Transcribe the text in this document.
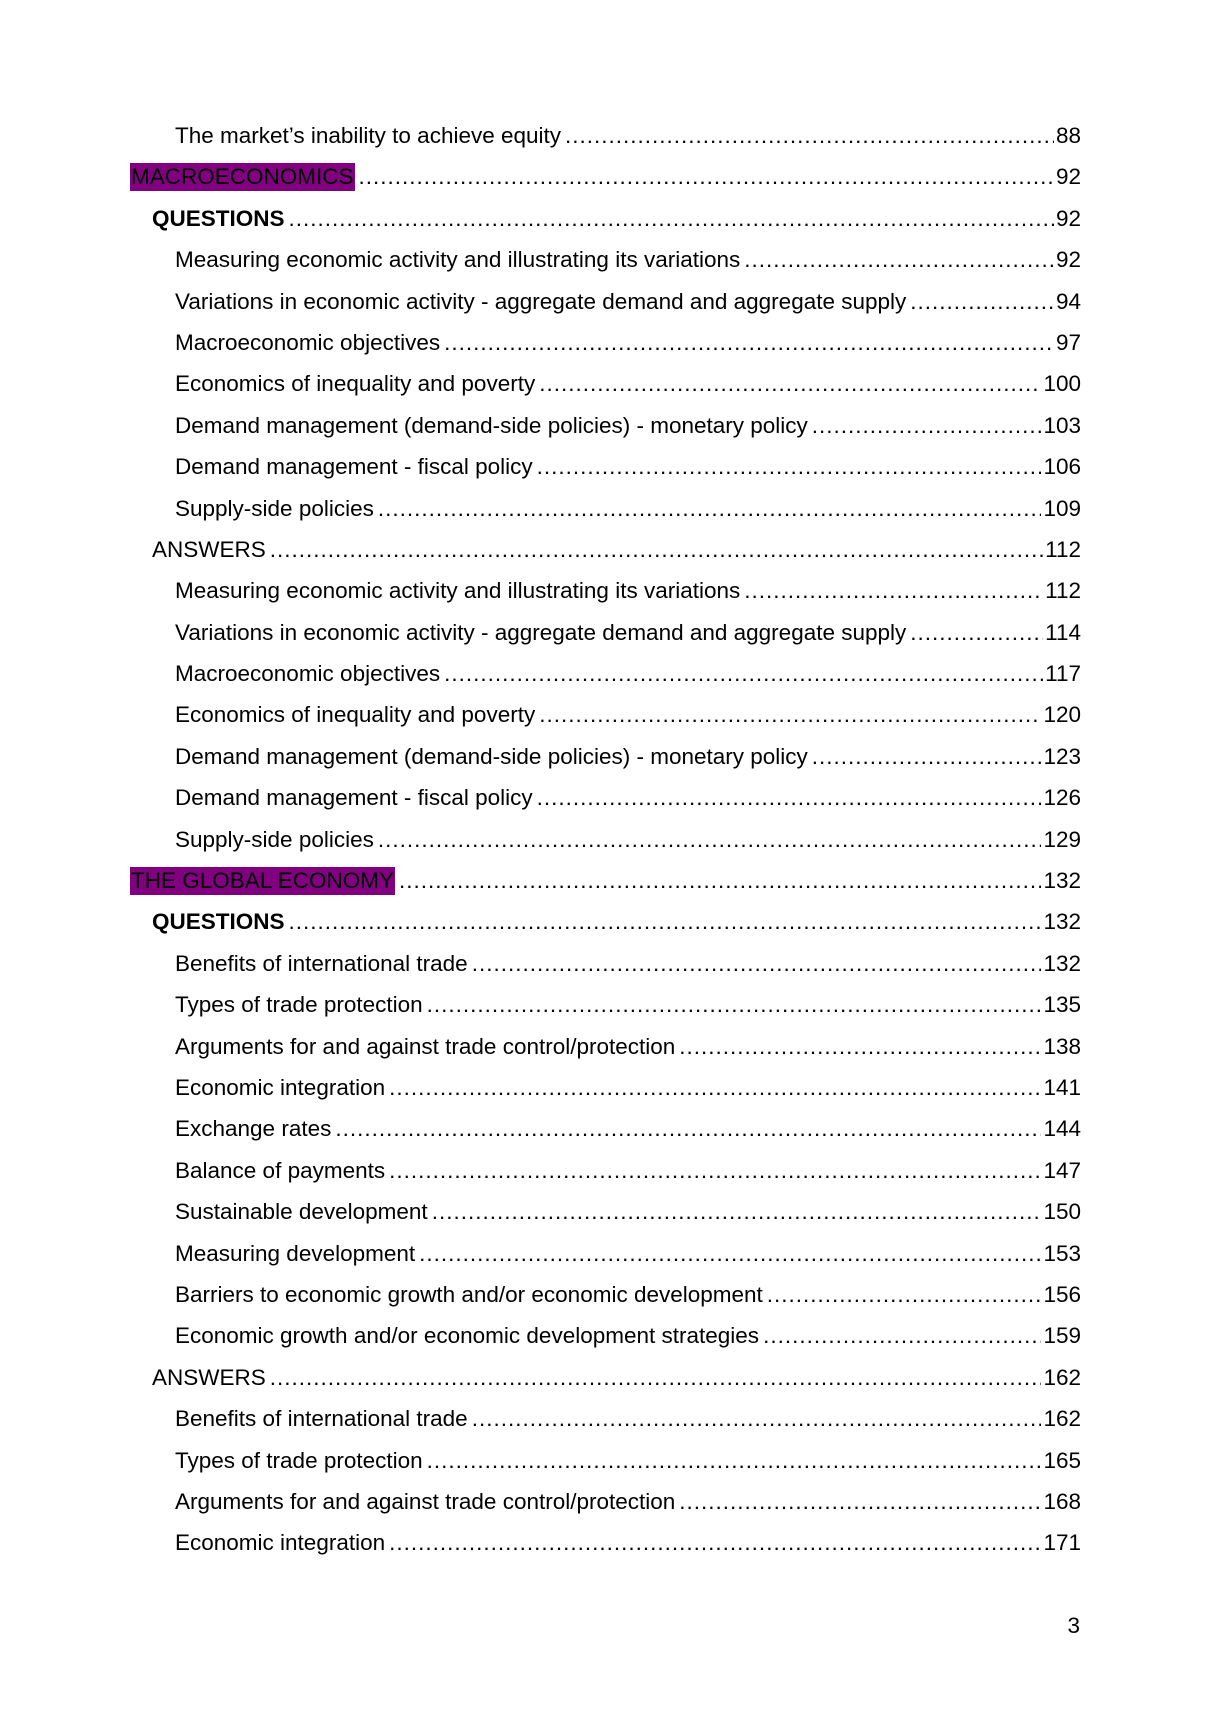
The market’s inability to achieve equity .....	88
MACROECONOMICS .....	92
QUESTIONS .....	92
Measuring economic activity and illustrating its variations .....	92
Variations in economic activity - aggregate demand and aggregate supply .....	94
Macroeconomic objectives .....	97
Economics of inequality and poverty .....	100
Demand management (demand-side policies) - monetary policy .....	103
Demand management - fiscal policy .....	106
Supply-side policies .....	109
ANSWERS .....	112
Measuring economic activity and illustrating its variations .....	112
Variations in economic activity - aggregate demand and aggregate supply .....	114
Macroeconomic objectives .....	117
Economics of inequality and poverty .....	120
Demand management (demand-side policies) - monetary policy .....	123
Demand management - fiscal policy .....	126
Supply-side policies .....	129
THE GLOBAL ECONOMY .....	132
QUESTIONS .....	132
Benefits of international trade .....	132
Types of trade protection .....	135
Arguments for and against trade control/protection .....	138
Economic integration .....	141
Exchange rates .....	144
Balance of payments .....	147
Sustainable development .....	150
Measuring development .....	153
Barriers to economic growth and/or economic development .....	156
Economic growth and/or economic development strategies .....	159
ANSWERS .....	162
Benefits of international trade .....	162
Types of trade protection .....	165
Arguments for and against trade control/protection .....	168
Economic integration .....	171
3
